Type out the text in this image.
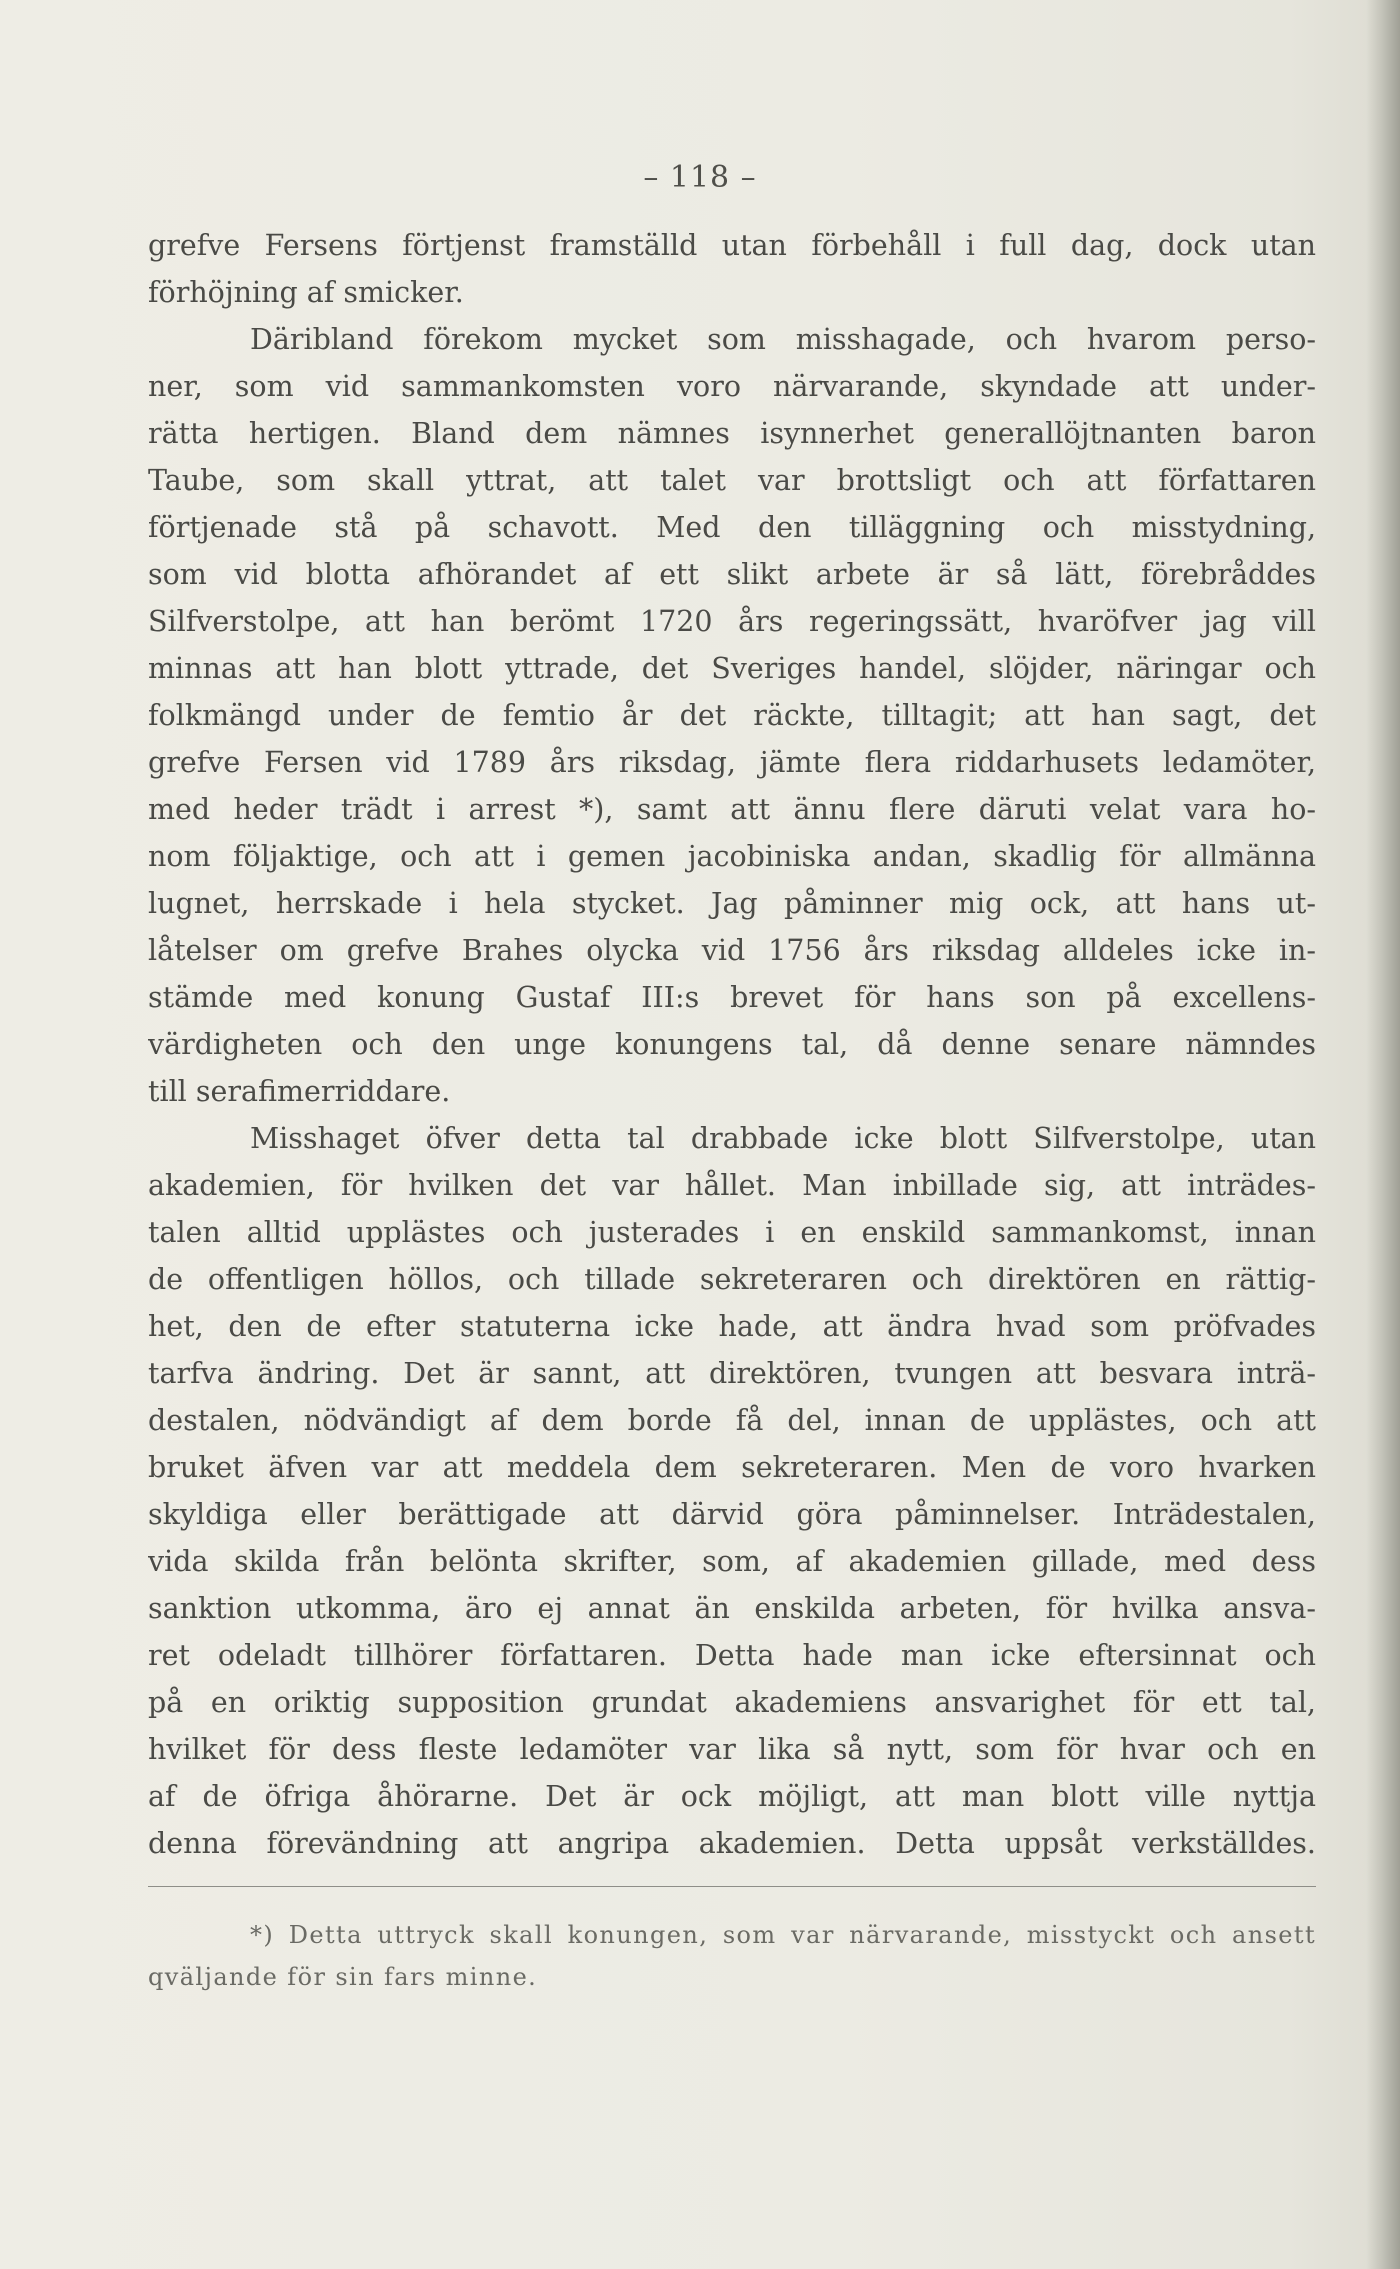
– 118 –
grefve Fersens förtjenst framställd utan förbehåll i full dag, dock utan
förhöjning af smicker.
Däribland förekom mycket som misshagade, och hvarom perso-
ner, som vid sammankomsten voro närvarande, skyndade att under-
rätta hertigen. Bland dem nämnes isynnerhet generallöjtnanten baron
Taube, som skall yttrat, att talet var brottsligt och att författaren
förtjenade stå på schavott. Med den tilläggning och misstydning,
som vid blotta afhörandet af ett slikt arbete är så lätt, förebråddes
Silfverstolpe, att han berömt 1720 års regeringssätt, hvaröfver jag vill
minnas att han blott yttrade, det Sveriges handel, slöjder, näringar och
folkmängd under de femtio år det räckte, tilltagit; att han sagt, det
grefve Fersen vid 1789 års riksdag, jämte flera riddarhusets ledamöter,
med heder trädt i arrest *), samt att ännu flere däruti velat vara ho-
nom följaktige, och att i gemen jacobiniska andan, skadlig för allmänna
lugnet, herrskade i hela stycket. Jag påminner mig ock, att hans ut-
låtelser om grefve Brahes olycka vid 1756 års riksdag alldeles icke in-
stämde med konung Gustaf III:s brevet för hans son på excellens-
värdigheten och den unge konungens tal, då denne senare nämndes
till serafimerriddare.
Misshaget öfver detta tal drabbade icke blott Silfverstolpe, utan
akademien, för hvilken det var hållet. Man inbillade sig, att inträdes-
talen alltid upplästes och justerades i en enskild sammankomst, innan
de offentligen höllos, och tillade sekreteraren och direktören en rättig-
het, den de efter statuterna icke hade, att ändra hvad som pröfvades
tarfva ändring. Det är sannt, att direktören, tvungen att besvara inträ-
destalen, nödvändigt af dem borde få del, innan de upplästes, och att
bruket äfven var att meddela dem sekreteraren. Men de voro hvarken
skyldiga eller berättigade att därvid göra påminnelser. Inträdestalen,
vida skilda från belönta skrifter, som, af akademien gillade, med dess
sanktion utkomma, äro ej annat än enskilda arbeten, för hvilka ansva-
ret odeladt tillhörer författaren. Detta hade man icke eftersinnat och
på en oriktig supposition grundat akademiens ansvarighet för ett tal,
hvilket för dess fleste ledamöter var lika så nytt, som för hvar och en
af de öfriga åhörarne. Det är ock möjligt, att man blott ville nyttja
denna förevändning att angripa akademien. Detta uppsåt verkställdes.
*) Detta uttryck skall konungen, som var närvarande, misstyckt och ansett
qväljande för sin fars minne.
